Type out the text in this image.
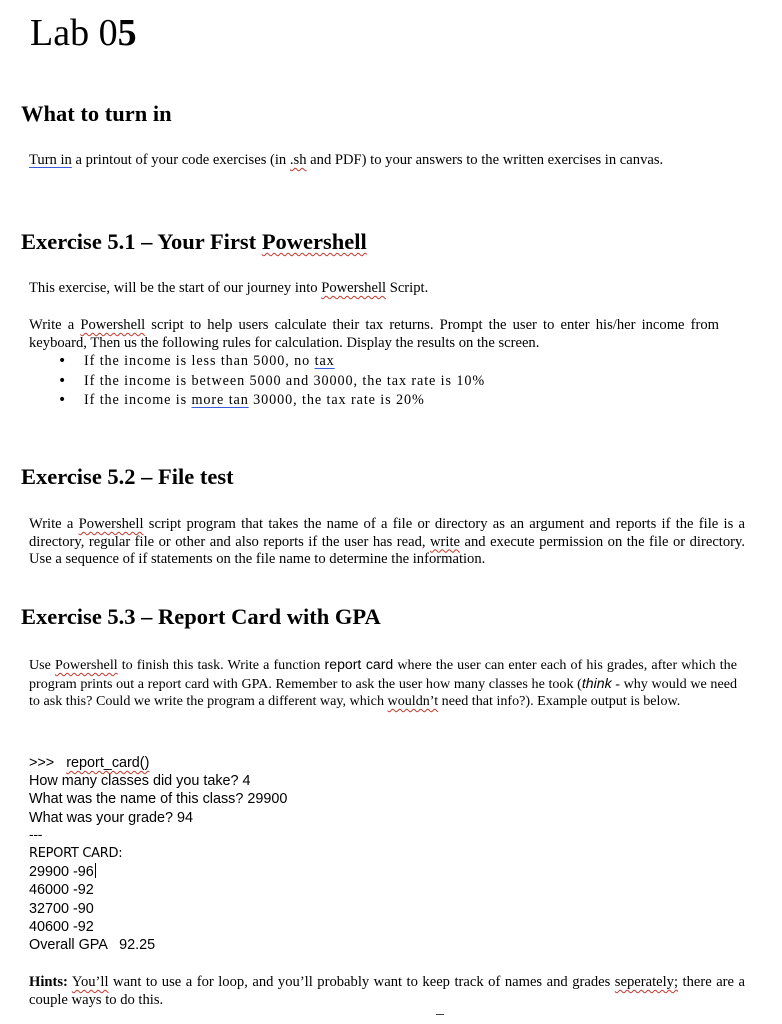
Lab 05
What to turn in
Turn in a printout of your code exercises (in .sh and PDF) to your answers to the written exercises in canvas.
Exercise 5.1 – Your First Powershell
This exercise, will be the start of our journey into Powershell Script.
Write a Powershell script to help users calculate their tax returns. Prompt the user to enter his/her income from keyboard, Then us the following rules for calculation. Display the results on the screen.
• If the income is less than 5000, no tax
• If the income is between 5000 and 30000, the tax rate is 10%
• If the income is more tan 30000, the tax rate is 20%
Exercise 5.2 – File test
Write a Powershell script program that takes the name of a file or directory as an argument and reports if the file is a directory, regular file or other and also reports if the user has read, write and execute permission on the file or directory. Use a sequence of if statements on the file name to determine the information.
Exercise 5.3 – Report Card with GPA
Use Powershell to finish this task. Write a function report card where the user can enter each of his grades, after which the program prints out a report card with GPA. Remember to ask the user how many classes he took (think - why would we need to ask this? Could we write the program a different way, which wouldn’t need that info?). Example output is below.
>>>   report_card()
How many classes did you take? 4
What was the name of this class? 29900
What was your grade? 94
---
REPORT CARD:
29900 -96
46000 -92
32700 -90
40600 -92
Overall GPA   92.25
Hints: You’ll want to use a for loop, and you’ll probably want to keep track of names and grades seperately; there are a couple ways to do this.
